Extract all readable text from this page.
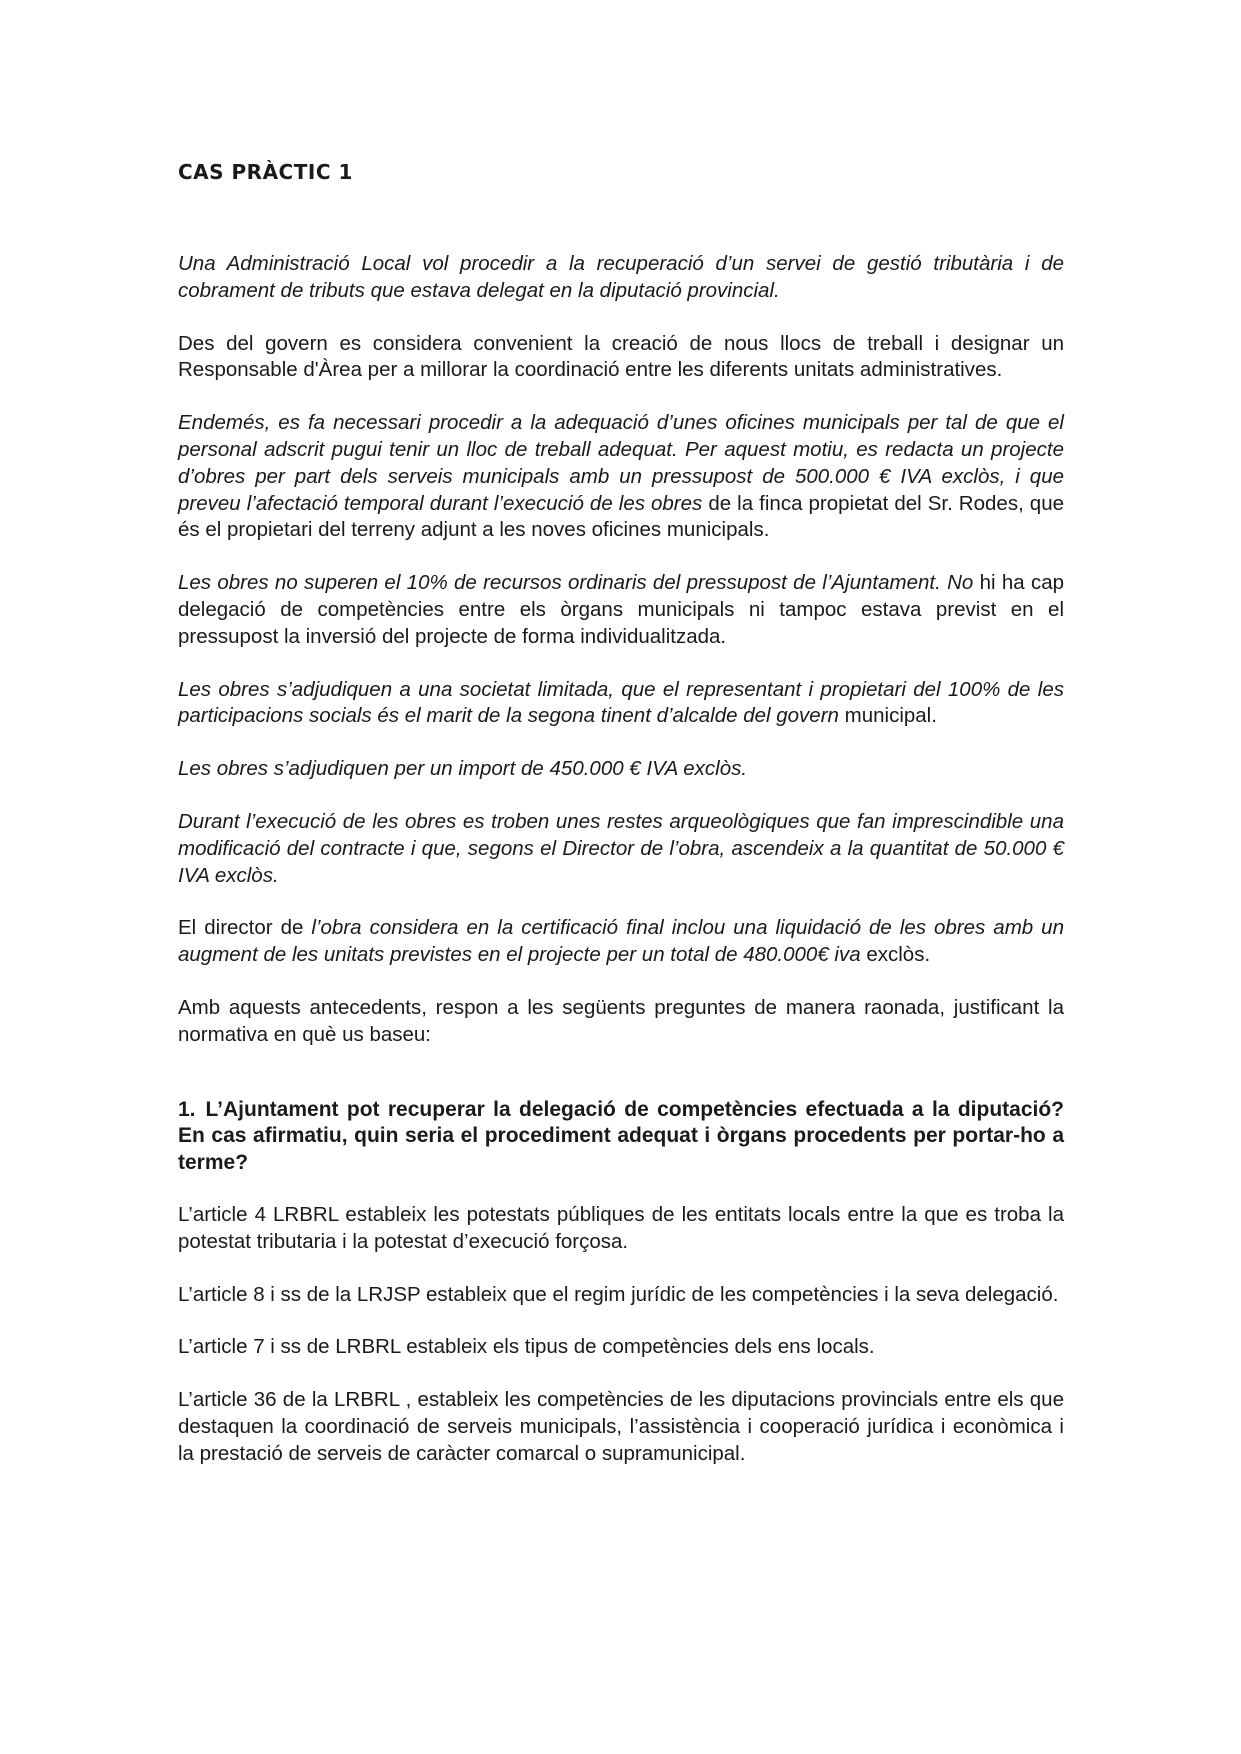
CAS PRÀCTIC 1

Una Administració Local vol procedir a la recuperació d’un servei de gestió tributària i de cobrament de tributs que estava delegat en la diputació provincial.

Des del govern es considera convenient la creació de nous llocs de treball i designar un Responsable d'Àrea per a millorar la coordinació entre les diferents unitats administratives.

Endemés, es fa necessari procedir a la adequació d’unes oficines municipals per tal de que el personal adscrit pugui tenir un lloc de treball adequat. Per aquest motiu, es redacta un projecte d’obres per part dels serveis municipals amb un pressupost de 500.000 € IVA exclòs, i que preveu l’afectació temporal durant l’execució de les obres de la finca propietat del Sr. Rodes, que és el propietari del terreny adjunt a les noves oficines municipals.

Les obres no superen el 10% de recursos ordinaris del pressupost de l’Ajuntament. No hi ha cap delegació de competències entre els òrgans municipals ni tampoc estava previst en el pressupost la inversió del projecte de forma individualitzada.

Les obres s’adjudiquen a una societat limitada, que el representant i propietari del 100% de les participacions socials és el marit de la segona tinent d’alcalde del govern municipal.

Les obres s’adjudiquen per un import de 450.000 € IVA exclòs.

Durant l’execució de les obres es troben unes restes arqueològiques que fan imprescindible una modificació del contracte i que, segons el Director de l’obra, ascendeix a la quantitat de 50.000 € IVA exclòs.

El director de l’obra considera en la certificació final inclou una liquidació de les obres amb un augment de les unitats previstes en el projecte per un total de 480.000€ iva exclòs.

Amb aquests antecedents, respon a les següents preguntes de manera raonada, justificant la normativa en què us baseu:

1. L’Ajuntament pot recuperar la delegació de competències efectuada a la diputació? En cas afirmatiu, quin seria el procediment adequat i òrgans procedents per portar-ho a terme?

L’article 4 LRBRL estableix les potestats públiques de les entitats locals entre la que es troba la potestat tributaria i la potestat d’execució forçosa.

L’article 8 i ss de la LRJSP estableix que el regim jurídic de les competències i la seva delegació.

L’article 7 i ss de LRBRL estableix els tipus de competències dels ens locals.

L’article 36 de la LRBRL , estableix les competències de les diputacions provincials entre els que destaquen la coordinació de serveis municipals, l’assistència i cooperació jurídica i econòmica i la prestació de serveis de caràcter comarcal o supramunicipal.
